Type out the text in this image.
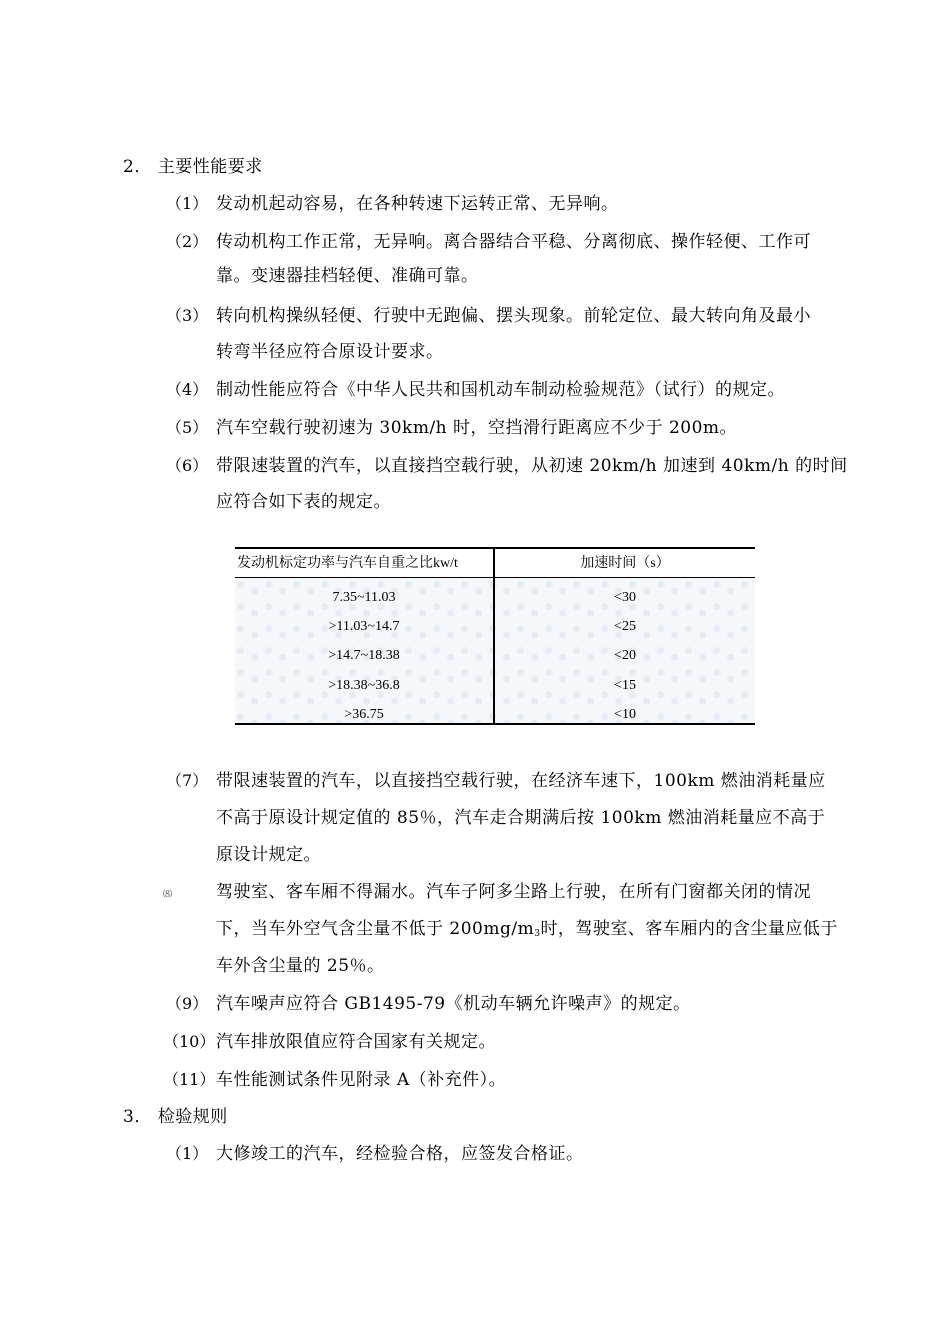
2． 主要性能要求
（1） 发动机起动容易，在各种转速下运转正常、无异响。
（2） 传动机构工作正常，无异响。离合器结合平稳、分离彻底、操作轻便、工作可
靠。变速器挂档轻便、准确可靠。
（3） 转向机构操纵轻便、行驶中无跑偏、摆头现象。前轮定位、最大转向角及最小
转弯半径应符合原设计要求。
（4） 制动性能应符合《中华人民共和国机动车制动检验规范》（试行）的规定。
（5） 汽车空载行驶初速为 30km/h 时，空挡滑行距离应不少于 200m。
（6） 带限速装置的汽车，以直接挡空载行驶，从初速 20km/h 加速到 40km/h 的时间
应符合如下表的规定。
发动机标定功率与汽车自重之比kw/t	加速时间（s）
7.35~11.03	<30
>11.03~14.7	<25
>14.7~18.38	<20
>18.38~36.8	<15
>36.75	<10
（7） 带限速装置的汽车，以直接挡空载行驶，在经济车速下，100km 燃油消耗量应
不高于原设计规定值的 85％，汽车走合期满后按 100km 燃油消耗量应不高于
原设计规定。
⑻	驾驶室、客车厢不得漏水。汽车子阿多尘路上行驶，在所有门窗都关闭的情况
下，当车外空气含尘量不低于 $200mg/m_3$时，驾驶室、客车厢内的含尘量应低于
车外含尘量的 25％。
（9） 汽车噪声应符合 GB1495-79《机动车辆允许噪声》的规定。
（10） 汽车排放限值应符合国家有关规定。
（11） 车性能测试条件见附录 A（补充件）。
3． 检验规则
（1） 大修竣工的汽车，经检验合格，应签发合格证。
